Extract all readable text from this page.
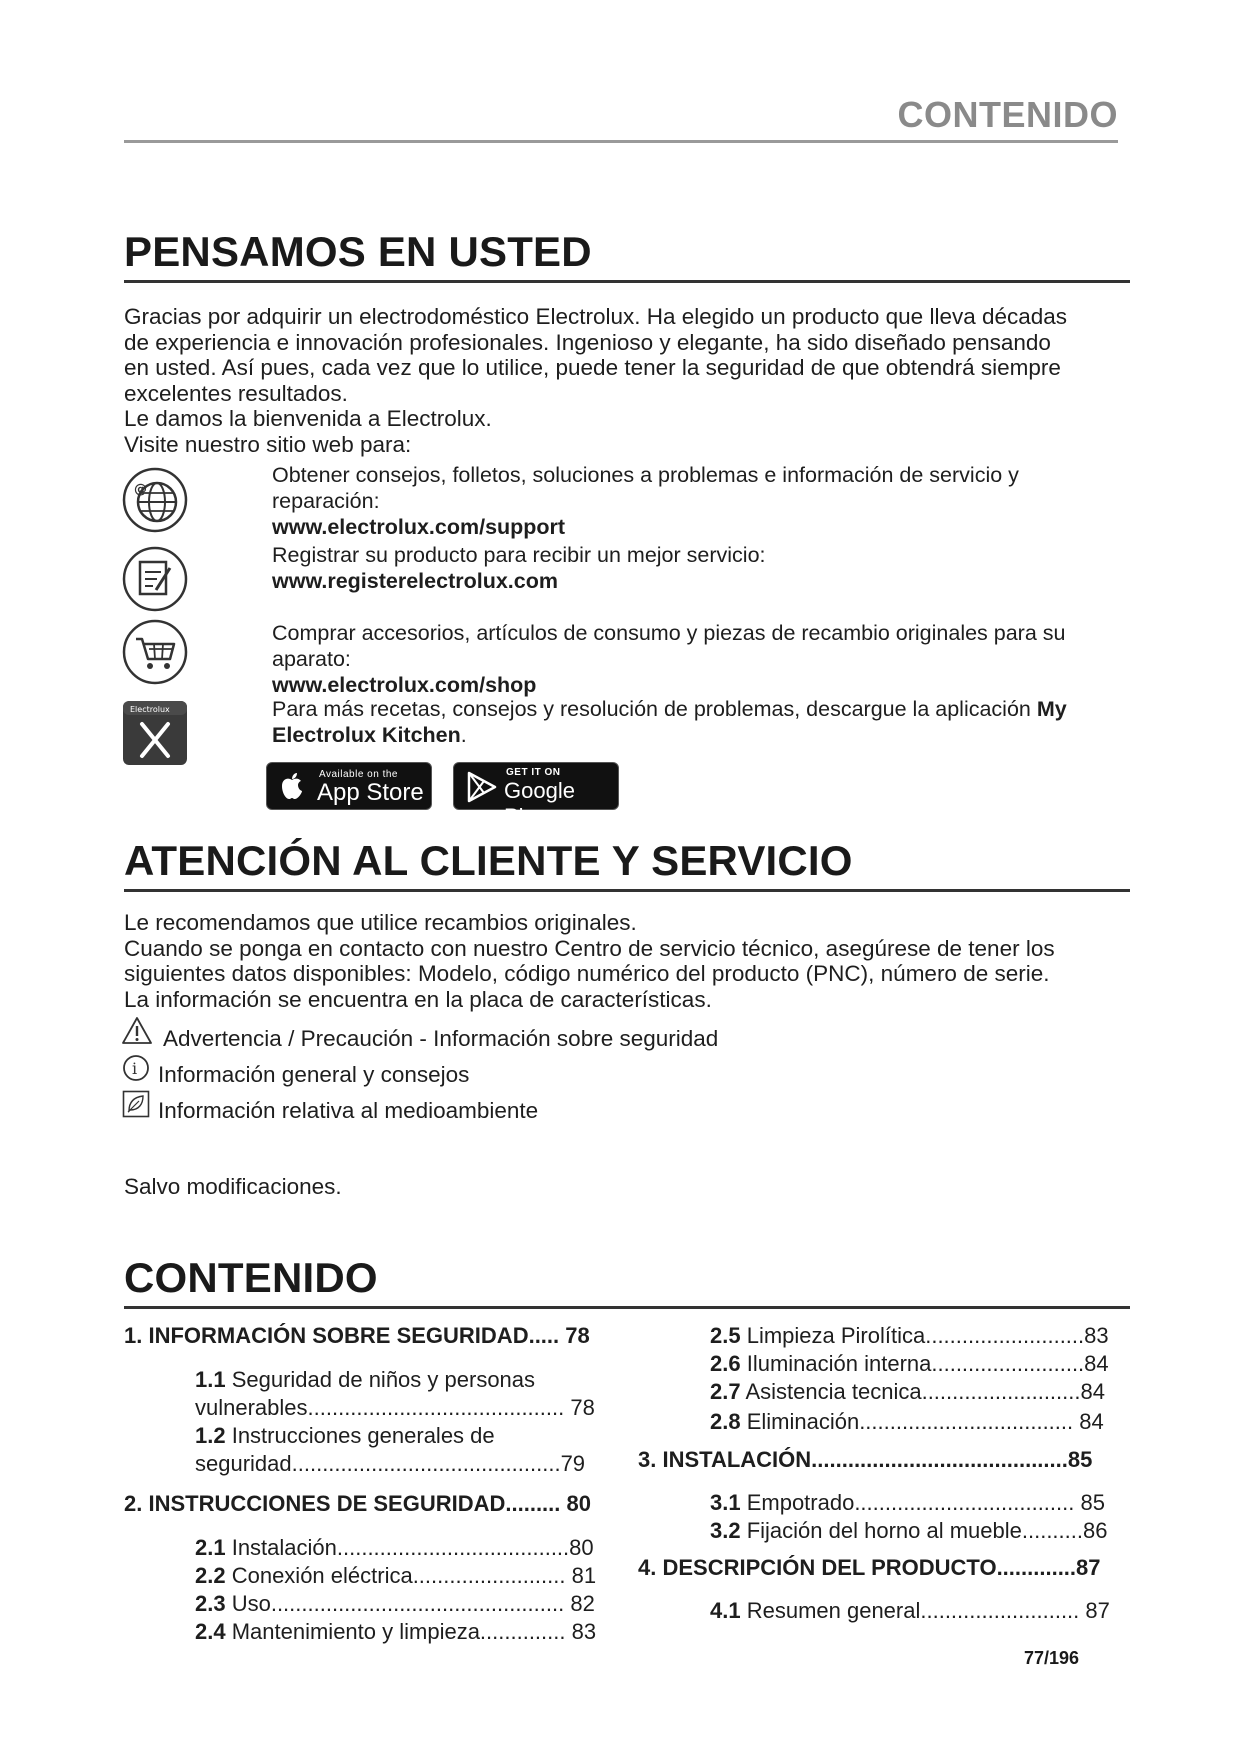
CONTENIDO
PENSAMOS EN USTED
Gracias por adquirir un electrodoméstico Electrolux. Ha elegido un producto que lleva décadas
de experiencia e innovación profesionales. Ingenioso y elegante, ha sido diseñado pensando
en usted. Así pues, cada vez que lo utilice, puede tener la seguridad de que obtendrá siempre
excelentes resultados.
Le damos la bienvenida a Electrolux.
Visite nuestro sitio web para:
@
Obtener consejos, folletos, soluciones a problemas e información de servicio y
reparación:
www.electrolux.com/support
Registrar su producto para recibir un mejor servicio:
www.registerelectrolux.com
Comprar accesorios, artículos de consumo y piezas de recambio originales para su
aparato:
www.electrolux.com/shop
Electrolux	Para más recetas, consejos y resolución de problemas, descargue la aplicación My
Electrolux Kitchen.
Available on the
App Store
GET IT ON
Google Play
ATENCIÓN AL CLIENTE Y SERVICIO
Le recomendamos que utilice recambios originales.
Cuando se ponga en contacto con nuestro Centro de servicio técnico, asegúrese de tener los
siguientes datos disponibles: Modelo, código numérico del producto (PNC), número de serie.
La información se encuentra en la placa de características.
Advertencia / Precaución - Información sobre seguridad
i Información general y consejos
Información relativa al medioambiente
Salvo modificaciones.
CONTENIDO
1. INFORMACIÓN SOBRE SEGURIDAD..... 78
1.1 Seguridad de niños y personas
vulnerables.......................................... 78
1.2 Instrucciones generales de
seguridad............................................79
2. INSTRUCCIONES DE SEGURIDAD......... 80
2.1 Instalación......................................80
2.2 Conexión eléctrica......................... 81
2.3 Uso................................................ 82
2.4 Mantenimiento y limpieza.............. 83
2.5 Limpieza Pirolítica..........................83
2.6 Iluminación interna.........................84
2.7 Asistencia tecnica..........................84
2.8 Eliminación................................... 84
3. INSTALACIÓN..........................................85
3.1 Empotrado.................................... 85
3.2 Fijación del horno al mueble..........86
4. DESCRIPCIÓN DEL PRODUCTO.............87
4.1 Resumen general.......................... 87
77/196
